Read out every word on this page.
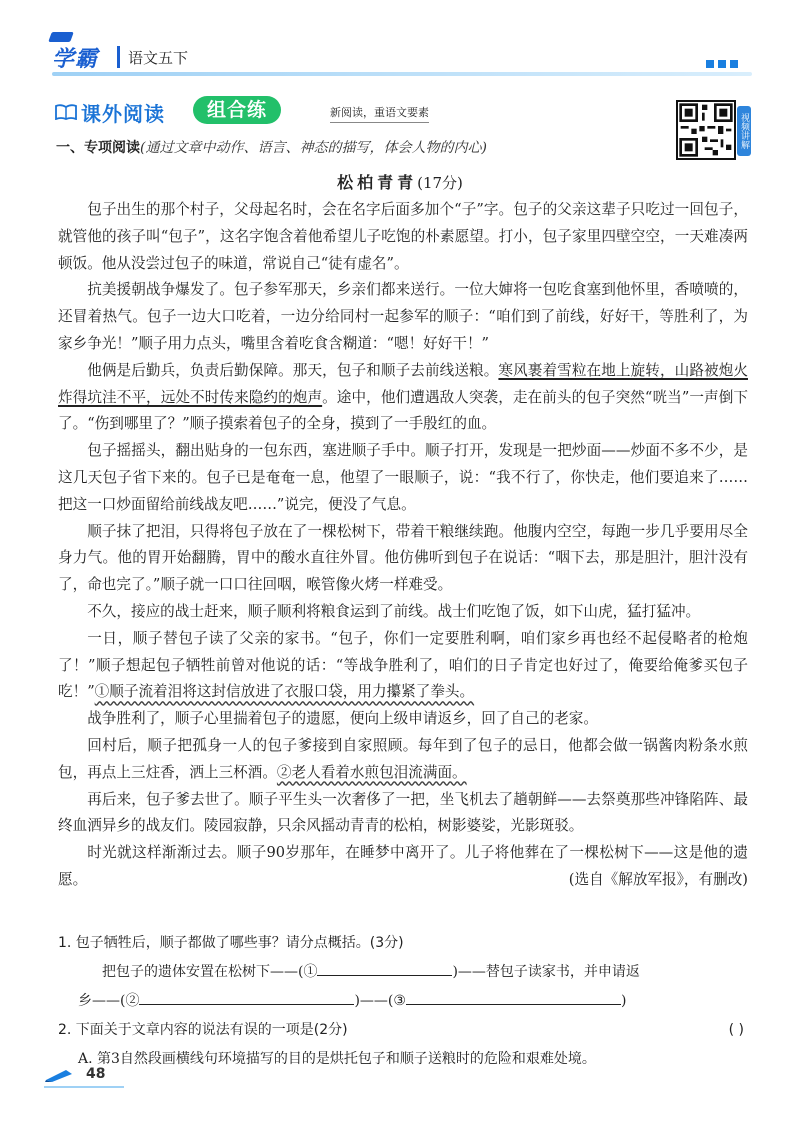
学霸 语文五下
课外阅读	组合练	新阅读，重语文要素
视频讲解
一、专项阅读(通过文章中动作、语言、神态的描写，体会人物的内心)
松柏青青(17分)

包子出生的那个村子，父母起名时，会在名字后面多加个“子”字。包子的父亲这辈子只吃过一回包子，就管他的孩子叫“包子”，这名字饱含着他希望儿子吃饱的朴素愿望。打小，包子家里四壁空空，一天难凑两顿饭。他从没尝过包子的味道，常说自己“徒有虚名”。

抗美援朝战争爆发了。包子参军那天，乡亲们都来送行。一位大婶将一包吃食塞到他怀里，香喷喷的，还冒着热气。包子一边大口吃着，一边分给同村一起参军的顺子：“咱们到了前线，好好干，等胜利了，为家乡争光！”顺子用力点头，嘴里含着吃食含糊道：“嗯！好好干！”

他俩是后勤兵，负责后勤保障。那天，包子和顺子去前线送粮。寒风裹着雪粒在地上旋转，山路被炮火炸得坑洼不平，远处不时传来隐约的炮声。途中，他们遭遇敌人突袭，走在前头的包子突然“咣当”一声倒下了。“伤到哪里了？”顺子摸索着包子的全身，摸到了一手殷红的血。

包子摇摇头，翻出贴身的一包东西，塞进顺子手中。顺子打开，发现是一把炒面——炒面不多不少，是这几天包子省下来的。包子已是奄奄一息，他望了一眼顺子，说：“我不行了，你快走，他们要追来了……把这一口炒面留给前线战友吧……”说完，便没了气息。

顺子抹了把泪，只得将包子放在了一棵松树下，带着干粮继续跑。他腹内空空，每跑一步几乎要用尽全身力气。他的胃开始翻腾，胃中的酸水直往外冒。他仿佛听到包子在说话：“咽下去，那是胆汁，胆汁没有了，命也完了。”顺子就一口口往回咽，喉管像火烤一样难受。

不久，接应的战士赶来，顺子顺利将粮食运到了前线。战士们吃饱了饭，如下山虎，猛打猛冲。

一日，顺子替包子读了父亲的家书。“包子，你们一定要胜利啊，咱们家乡再也经不起侵略者的枪炮了！”顺子想起包子牺牲前曾对他说的话：“等战争胜利了，咱们的日子肯定也好过了，俺要给俺爹买包子吃！”①顺子流着泪将这封信放进了衣服口袋，用力攥紧了拳头。

战争胜利了，顺子心里揣着包子的遗愿，便向上级申请返乡，回了自己的老家。

回村后，顺子把孤身一人的包子爹接到自家照顾。每年到了包子的忌日，他都会做一锅酱肉粉条水煎包，再点上三炷香，洒上三杯酒。②老人看着水煎包泪流满面。

再后来，包子爹去世了。顺子平生头一次奢侈了一把，坐飞机去了趟朝鲜——去祭奠那些冲锋陷阵、最终血洒异乡的战友们。陵园寂静，只余风摇动青青的松柏，树影婆娑，光影斑驳。

时光就这样渐渐过去。顺子90岁那年，在睡梦中离开了。儿子将他葬在了一棵松树下——这是他的遗愿。	(选自《解放军报》，有删改)

1. 包子牺牲后，顺子都做了哪些事？请分点概括。(3分)
把包子的遗体安置在松树下——(①	)——替包子读家书，并申请返
乡——(②	)——(③	)
2. 下面关于文章内容的说法有误的一项是(2分)	( )
A. 第3自然段画横线句环境描写的目的是烘托包子和顺子送粮时的危险和艰难处境。
48
